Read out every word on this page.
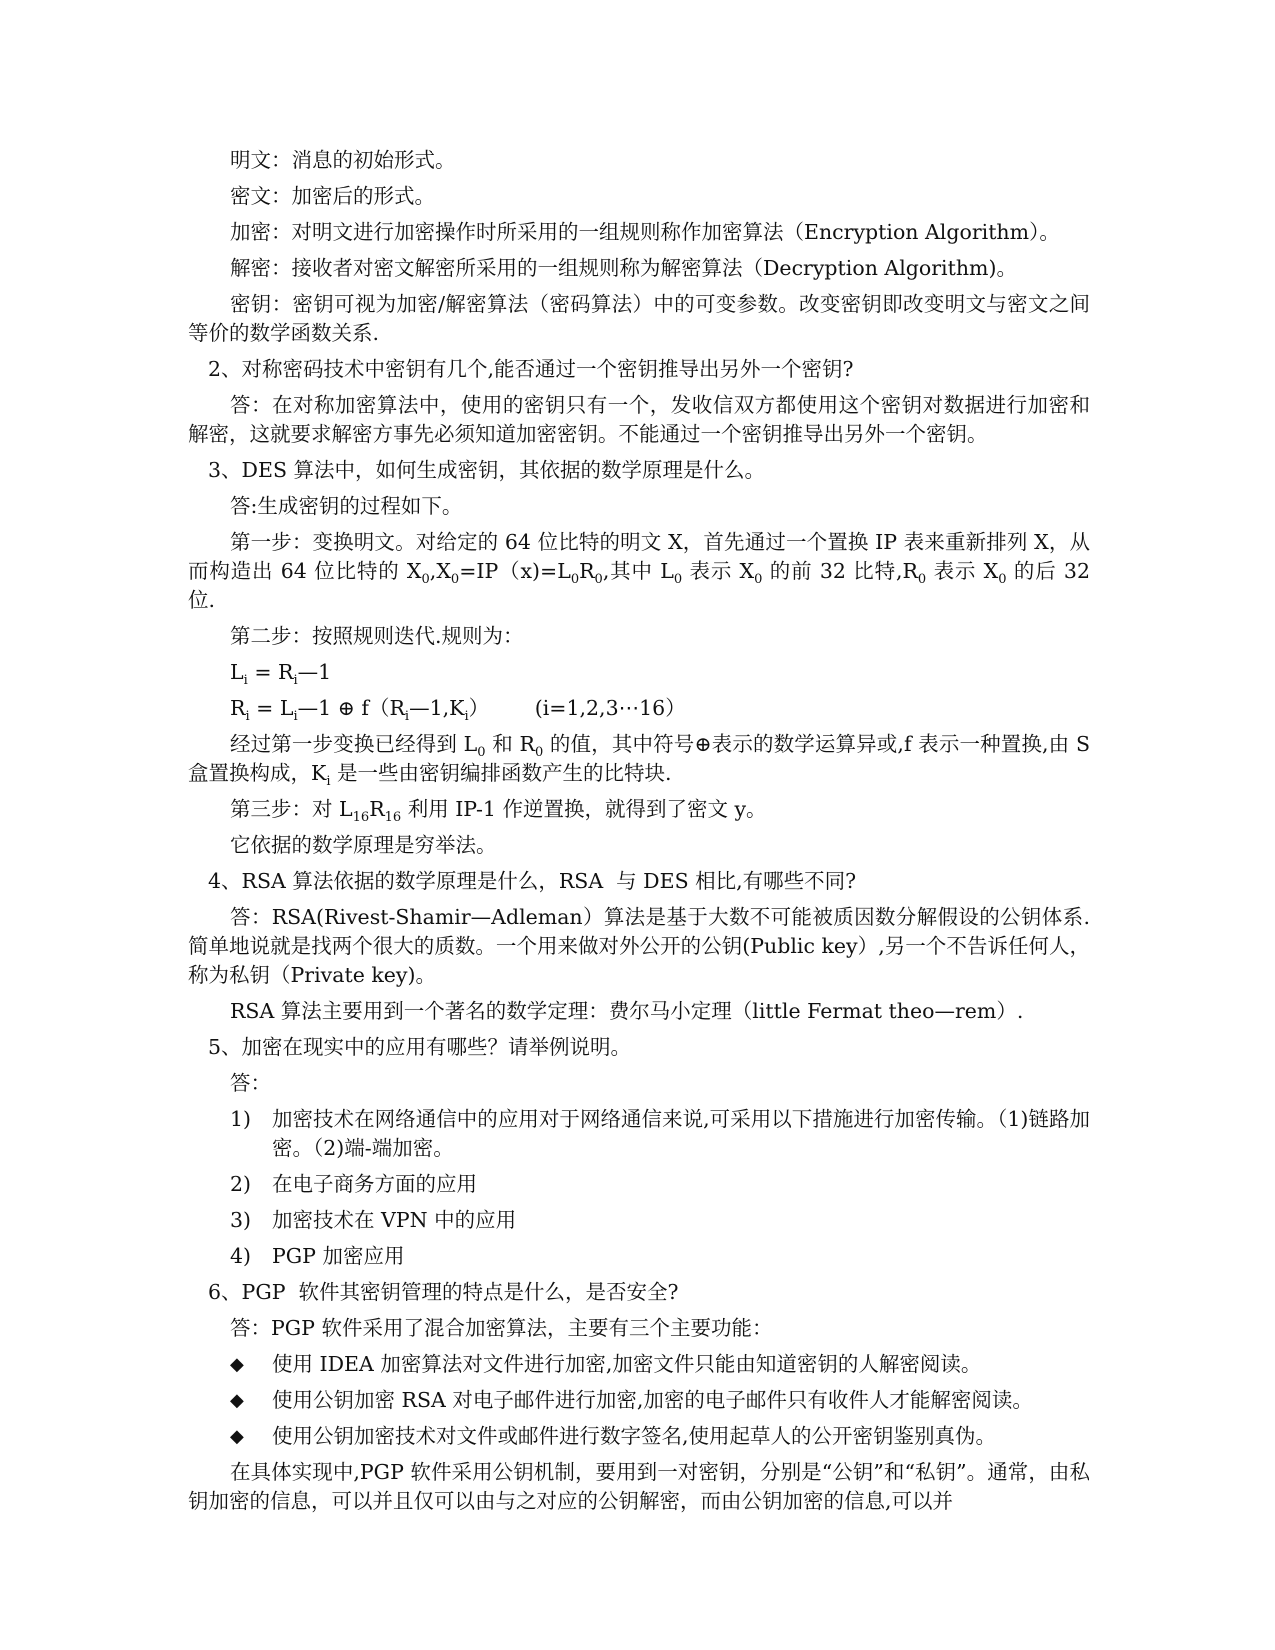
明文：消息的初始形式。

密文：加密后的形式。

加密：对明文进行加密操作时所采用的一组规则称作加密算法（Encryption Algorithm）。

解密：接收者对密文解密所采用的一组规则称为解密算法（Decryption Algorithm)。

密钥：密钥可视为加密/解密算法（密码算法）中的可变参数。改变密钥即改变明文与密文之间等价的数学函数关系.

2、对称密码技术中密钥有几个,能否通过一个密钥推导出另外一个密钥?

答：在对称加密算法中，使用的密钥只有一个，发收信双方都使用这个密钥对数据进行加密和解密，这就要求解密方事先必须知道加密密钥。不能通过一个密钥推导出另外一个密钥。

3、DES 算法中，如何生成密钥，其依据的数学原理是什么。

答:生成密钥的过程如下。

第一步：变换明文。对给定的 64 位比特的明文 X，首先通过一个置换 IP 表来重新排列 X，从而构造出 64 位比特的 $X_0,X_0=IP(x)=L_0R_0$,其中 $L_0$ 表示 $X_0$ 的前 32 比特$,R_0$ 表示 $X_0$ 的后 32 位.

第二步：按照规则迭代.规则为：

$L_i$ = $R_i—1$

$R_i$ = $L_i—1$ ⊕ $f(R_i—1,K_i)$       (i=1,2,3⋯16）

经过第一步变换已经得到 $L_0$ 和 $R_0$ 的值，其中符号⊕表示的数学运算异或,f 表示一种置换,由 S 盒置换构成，$K_i$ 是一些由密钥编排函数产生的比特块.

第三步：对 $L_{16}R_{16}$ 利用 IP-1 作逆置换，就得到了密文 y。

它依据的数学原理是穷举法。

4、RSA 算法依据的数学原理是什么，RSA  与 DES 相比,有哪些不同?

答：RSA(Rivest-Shamir—Adleman）算法是基于大数不可能被质因数分解假设的公钥体系.简单地说就是找两个很大的质数。一个用来做对外公开的公钥(Public key）,另一个不告诉任何人，称为私钥（Private key)。

RSA 算法主要用到一个著名的数学定理：费尔马小定理（little Fermat theo—rem）.

5、加密在现实中的应用有哪些？请举例说明。

答：

1)	加密技术在网络通信中的应用对于网络通信来说,可采用以下措施进行加密传输。（1)链路加密。（2)端-端加密。
2)	在电子商务方面的应用
3)	加密技术在 VPN 中的应用
4)	PGP 加密应用

6、PGP  软件其密钥管理的特点是什么，是否安全?

答：PGP 软件采用了混合加密算法，主要有三个主要功能：

◆	使用 IDEA 加密算法对文件进行加密,加密文件只能由知道密钥的人解密阅读。
◆	使用公钥加密 RSA 对电子邮件进行加密,加密的电子邮件只有收件人才能解密阅读。
◆	使用公钥加密技术对文件或邮件进行数字签名,使用起草人的公开密钥鉴别真伪。

在具体实现中,PGP 软件采用公钥机制，要用到一对密钥，分别是“公钥”和“私钥”。通常，由私钥加密的信息，可以并且仅可以由与之对应的公钥解密，而由公钥加密的信息,可以并
